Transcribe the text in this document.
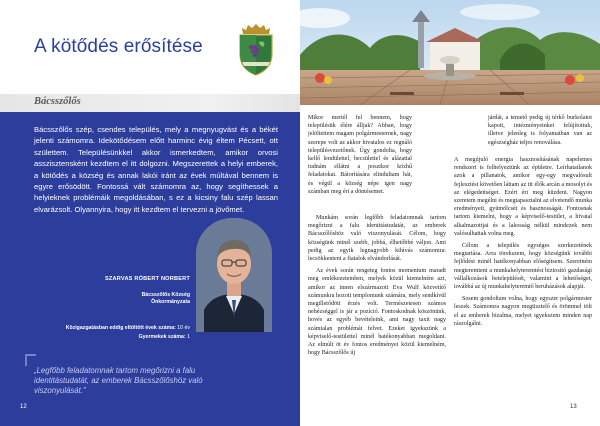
A kötődés erősítése
Bácsszőlős

Bácsszőlős szép, csendes település, mely a megnyugvást és a békét jelenti számomra. Idekötődésem előtt harminc évig éltem Pécsett, ott születtem. Településünkkel akkor ismerkedtem, amikor orvosi asszisztensként kezdtem el itt dolgozni. Megszerettek a helyi emberek, a kötődés a község és annak lakói iránt az évek múltával bennem is egyre erősödött. Fontossá vált számomra az, hogy segíthessek a helyieknek problémáik megoldásában, s ez a kicsiny falu szép lassan elvarázsolt. Olyannyira, hogy itt kezdtem el tervezni a jövőmet.

SZARVAS RÓBERT NORBERT
Bácsszőlős Község
Önkormányzata
Közigazgatásban eddig eltöltött évek száma: 10 év
Gyermekek száma: 1

„Legfőbb feladatomnak tartom megőrizni a falu identitástudatát, az emberek Bácsszőlőshöz való viszonyulását.”

12

Mikor mertél fel bennem, hogy településük élére álljak? Abban, hogy jelöltettem magam polgármesternek, nagy szerepe volt az akkor hivatalos ez regnáló településvezetőnek. Úgy gondolta, hogy kellő lendülettel, becsülettel és alázattal tudnám ellátni a posztkor közhű feladatokat. Bátorítására elindultam hát, és végül a község népe igen nagy számban meg ért a döntésemet.

Munkám során legfőbb feladatomnak tartom megőrizni a falu identitástudatát, az emberek Bácsszőlőshöz való viszonyulását. Célom, hogy községünk minél szebb, jobbá, élhetőbbé váljon. Ami pedig az egyik legnagyobb kihívás számomra: lecsökkenteni a fiatalok elvándorlását.

Az évek során rengeteg fontos momentum maradt meg emlékezetemben, melyek közül kiemelném azt, amikor az innen elszármazott Eva Wulf közvetítő számunkra hozott templomunk számára, mely sendkívül megilletődött érzés volt. Természetesen számos nehézséggel is jár a pozíció. Fontoskodnak köszönünk, hovés az egyéb bevételeink, ami nagy taxit nagy számtalan problémát felvet. Ezeket igyekszünk a képviselő-testülettel minél hatékonyabban megoldani. Az elmúlt öt év fontos eredményei közül kiemelném, hogy Bácsszőlős új

járdát, a temető pedig új térkő burkolatot kapott, intézményeinket felújítottuk, illetve jelenleg is folyamatban van az egészségház teljes renoválása.

A megújuló energia hasznosításának napelemes rendszert is felhelyeztünk az épületre. Leírhatatlanok azok a pillanatok, amikor egy-egy megvalósult fejlesztést követően láttam az itt élők arcán a mosolyt és az elégedettséget. Ezért éri meg küzdeni. Nagyon szeretem megélni és megtapasztalni az elvetendő munka eredményeit, gyümölcsét és hasznosságát. Fontosnak tartom kiemelni, hogy a képviselő-testület, a hivatal alkalmazottjai és a lakosság nélkül mindezek nem valósulhattak volna meg.

Célom a település egységes szerkezetének megtartása. Arra törekszem, hogy községünk további fejlődést minél hatékonyabban előségítsem. Szeretném megteremteni a munkahelyteremtést biztosító gazdasági vállalkozások betelepülését, valamint a lehetőséget, továbbá az új munkahelyteremtő beruházások alapját.

Sosem gondoltam volna, hogy egyszer polgármester leszek. Számomra nagyon megtisztelő és örömmel tölt el az emberek bizalma, melyet igyekszem minden nap rászolgálni.

13
